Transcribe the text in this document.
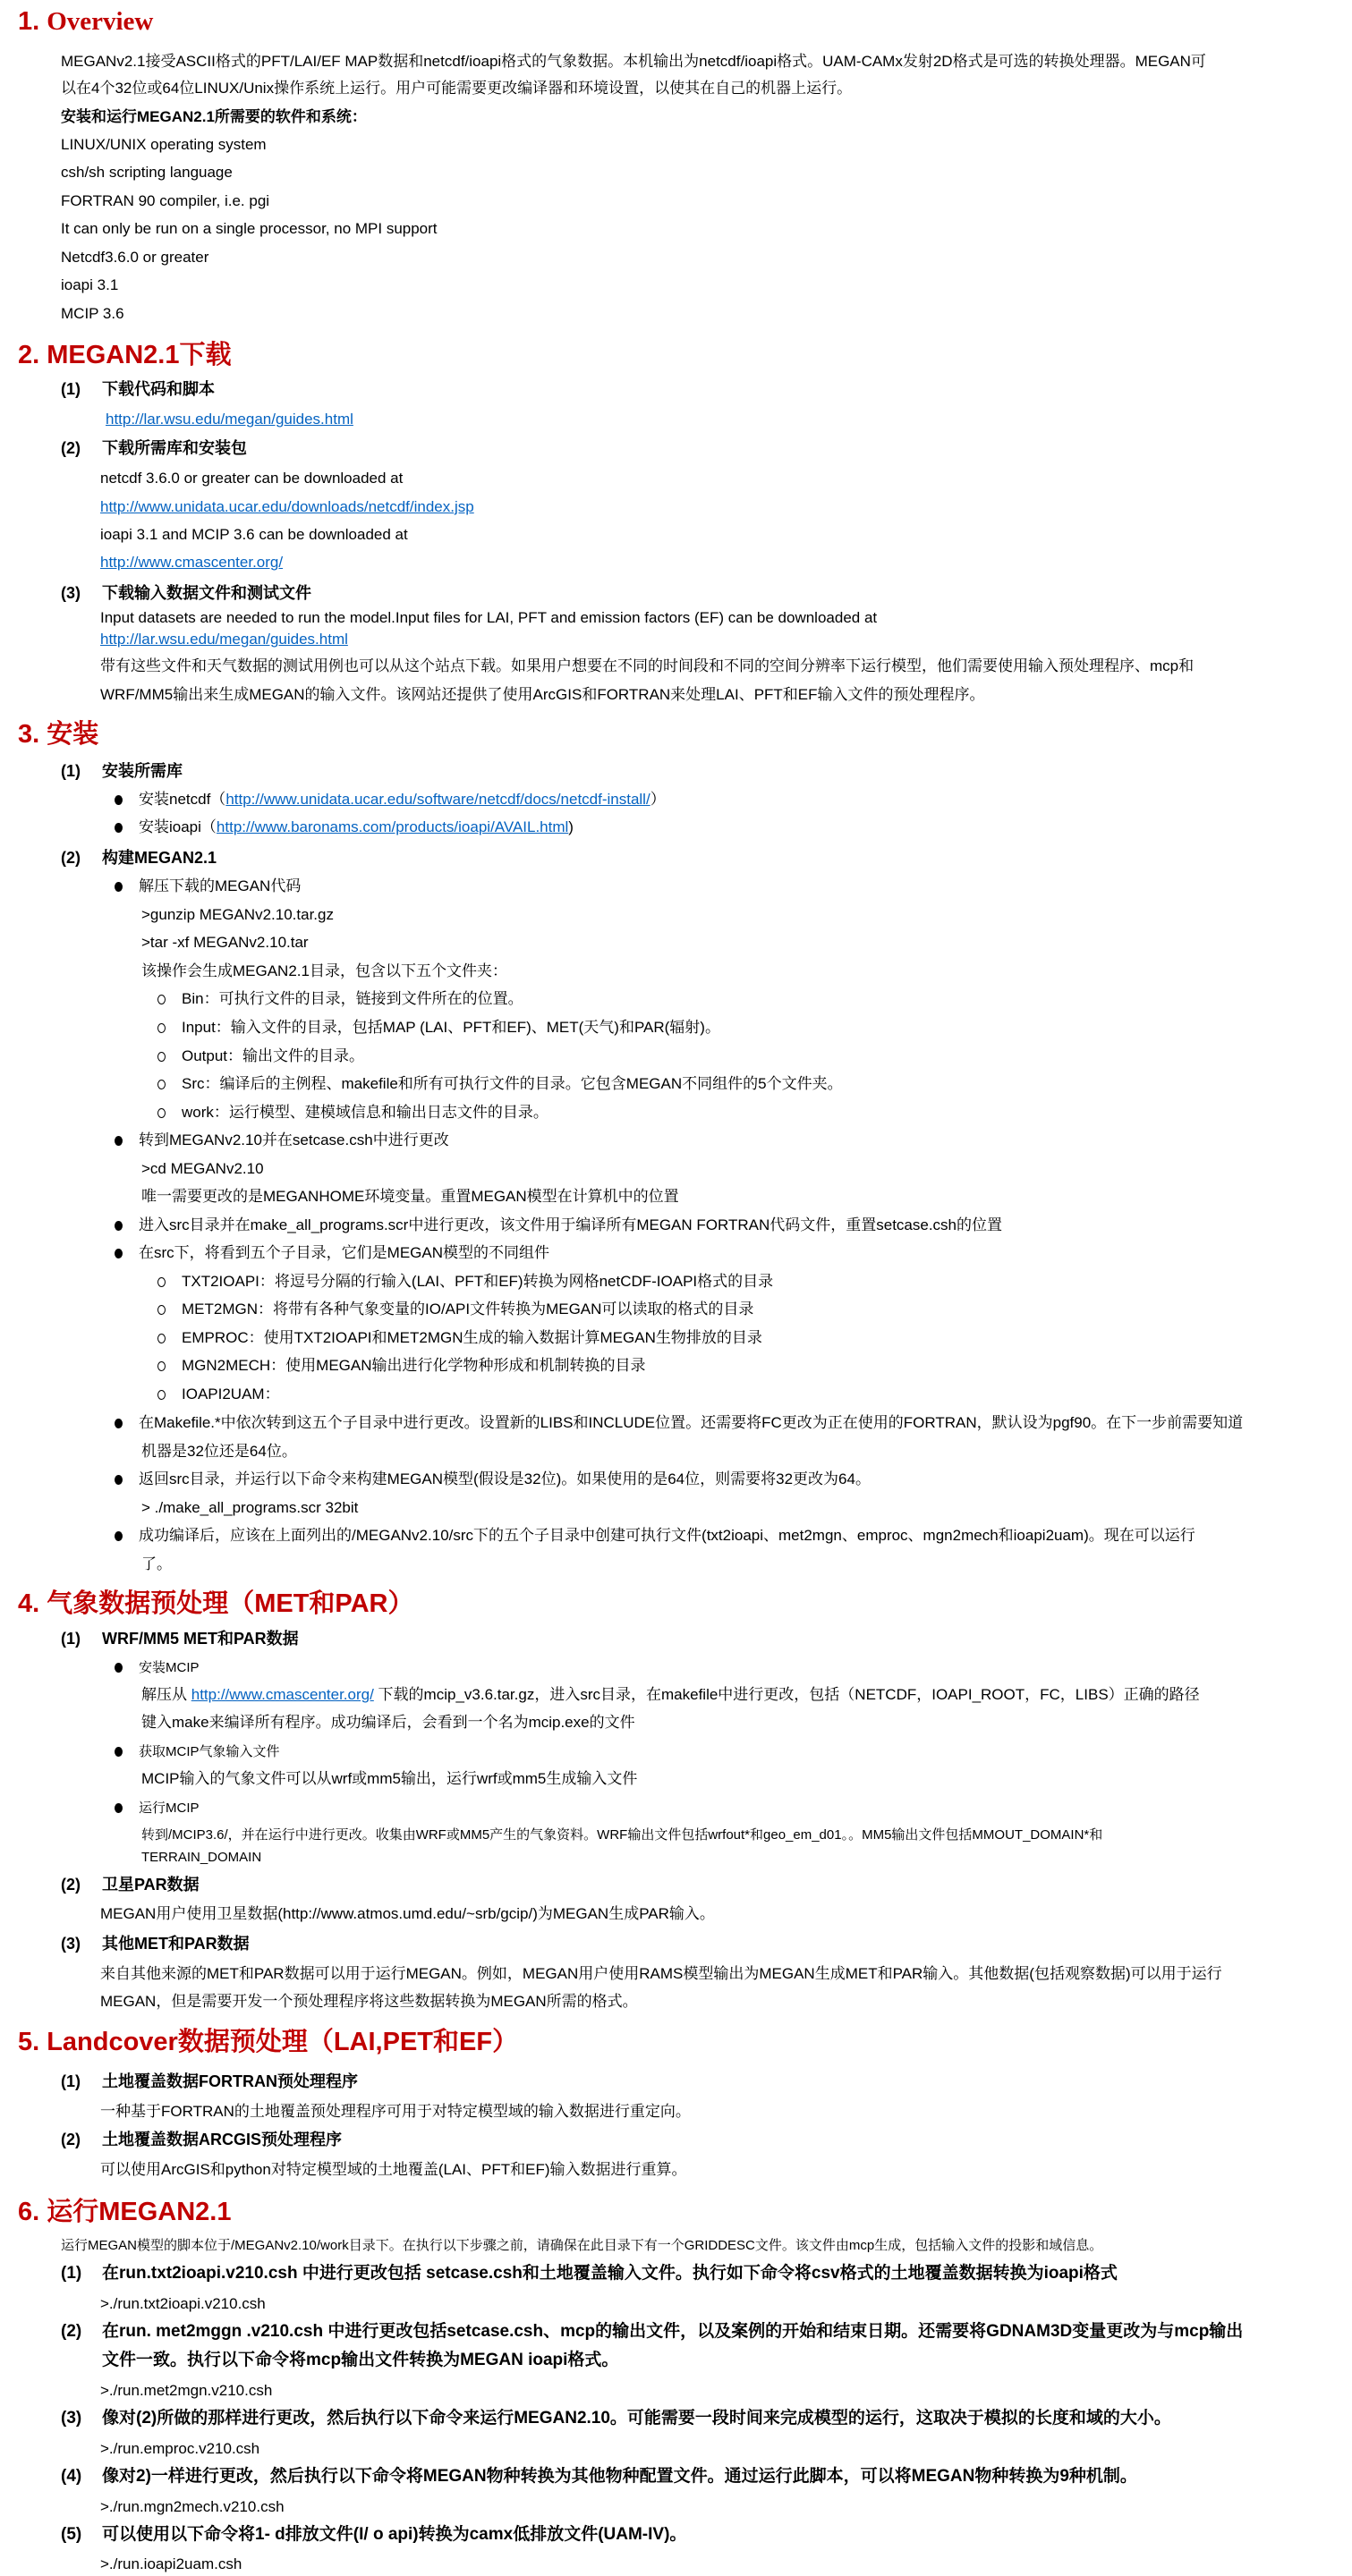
1. Overview
MEGANv2.1接受ASCII格式的PFT/LAI/EF MAP数据和netcdf/ioapi格式的气象数据。本机输出为netcdf/ioapi格式。UAM-CAMx发射2D格式是可选的转换处理器。MEGAN可
以在4个32位或64位LINUX/Unix操作系统上运行。用户可能需要更改编译器和环境设置，以使其在自己的机器上运行。
安装和运行MEGAN2.1所需要的软件和系统：
LINUX/UNIX operating system
csh/sh scripting language
FORTRAN 90 compiler, i.e. pgi
It can only be run on a single processor, no MPI support
Netcdf3.6.0 or greater
ioapi 3.1
MCIP 3.6
2. MEGAN2.1下载
(1) 下载代码和脚本
http://lar.wsu.edu/megan/guides.html
(2) 下载所需库和安装包
netcdf 3.6.0 or greater can be downloaded at
http://www.unidata.ucar.edu/downloads/netcdf/index.jsp
ioapi 3.1 and MCIP 3.6 can be downloaded at
http://www.cmascenter.org/
(3) 下载输入数据文件和测试文件
Input datasets are needed to run the model.Input files for LAI, PFT and emission factors (EF) can be downloaded at
http://lar.wsu.edu/megan/guides.html
带有这些文件和天气数据的测试用例也可以从这个站点下载。如果用户想要在不同的时间段和不同的空间分辨率下运行模型，他们需要使用输入预处理程序、mcp和
WRF/MM5输出来生成MEGAN的输入文件。该网站还提供了使用ArcGIS和FORTRAN来处理LAI、PFT和EF输入文件的预处理程序。
3. 安装
(1) 安装所需库
安装netcdf（http://www.unidata.ucar.edu/software/netcdf/docs/netcdf-install/）
安装ioapi（http://www.baronams.com/products/ioapi/AVAIL.html)
(2) 构建MEGAN2.1
解压下载的MEGAN代码
>gunzip MEGANv2.10.tar.gz
>tar -xf MEGANv2.10.tar
该操作会生成MEGAN2.1目录，包含以下五个文件夹：
Bin：可执行文件的目录，链接到文件所在的位置。
Input：输入文件的目录，包括MAP (LAI、PFT和EF)、MET(天气)和PAR(辐射)。
Output：输出文件的目录。
Src：编译后的主例程、makefile和所有可执行文件的目录。它包含MEGAN不同组件的5个文件夹。
work：运行模型、建模域信息和输出日志文件的目录。
转到MEGANv2.10并在setcase.csh中进行更改
>cd MEGANv2.10
唯一需要更改的是MEGANHOME环境变量。重置MEGAN模型在计算机中的位置
进入src目录并在make_all_programs.scr中进行更改，该文件用于编译所有MEGAN FORTRAN代码文件，重置setcase.csh的位置
在src下，将看到五个子目录，它们是MEGAN模型的不同组件
TXT2IOAPI：将逗号分隔的行输入(LAI、PFT和EF)转换为网格netCDF-IOAPI格式的目录
MET2MGN：将带有各种气象变量的IO/API文件转换为MEGAN可以读取的格式的目录
EMPROC：使用TXT2IOAPI和MET2MGN生成的输入数据计算MEGAN生物排放的目录
MGN2MECH：使用MEGAN输出进行化学物种形成和机制转换的目录
IOAPI2UAM：
在Makefile.*中依次转到这五个子目录中进行更改。设置新的LIBS和INCLUDE位置。还需要将FC更改为正在使用的FORTRAN，默认设为pgf90。在下一步前需要知道
机器是32位还是64位。
返回src目录，并运行以下命令来构建MEGAN模型(假设是32位)。如果使用的是64位，则需要将32更改为64。
> ./make_all_programs.scr 32bit
成功编译后，应该在上面列出的/MEGANv2.10/src下的五个子目录中创建可执行文件(txt2ioapi、met2mgn、emproc、mgn2mech和ioapi2uam)。现在可以运行
了。
4. 气象数据预处理（MET和PAR）
(1) WRF/MM5 MET和PAR数据
安装MCIP
解压从 http://www.cmascenter.org/ 下载的mcip_v3.6.tar.gz，进入src目录，在makefile中进行更改，包括（NETCDF，IOAPI_ROOT，FC，LIBS）正确的路径
键入make来编译所有程序。成功编译后，会看到一个名为mcip.exe的文件
获取MCIP气象输入文件
MCIP输入的气象文件可以从wrf或mm5输出，运行wrf或mm5生成输入文件
运行MCIP
转到/MCIP3.6/，并在运行中进行更改。收集由WRF或MM5产生的气象资料。WRF输出文件包括wrfout*和geo_em_d01。。MM5输出文件包括MMOUT_DOMAIN*和
TERRAIN_DOMAIN
(2) 卫星PAR数据
MEGAN用户使用卫星数据(http://www.atmos.umd.edu/~srb/gcip/)为MEGAN生成PAR输入。
(3) 其他MET和PAR数据
来自其他来源的MET和PAR数据可以用于运行MEGAN。例如，MEGAN用户使用RAMS模型输出为MEGAN生成MET和PAR输入。其他数据(包括观察数据)可以用于运行
MEGAN，但是需要开发一个预处理程序将这些数据转换为MEGAN所需的格式。
5. Landcover数据预处理（LAI,PET和EF）
(1) 土地覆盖数据FORTRAN预处理程序
一种基于FORTRAN的土地覆盖预处理程序可用于对特定模型域的输入数据进行重定向。
(2) 土地覆盖数据ARCGIS预处理程序
可以使用ArcGIS和python对特定模型域的土地覆盖(LAI、PFT和EF)输入数据进行重算。
6. 运行MEGAN2.1
运行MEGAN模型的脚本位于/MEGANv2.10/work目录下。在执行以下步骤之前，请确保在此目录下有一个GRIDDESC文件。该文件由mcp生成，包括输入文件的投影和域信息。
(1) 在run.txt2ioapi.v210.csh 中进行更改包括 setcase.csh和土地覆盖输入文件。执行如下命令将csv格式的土地覆盖数据转换为ioapi格式
>./run.txt2ioapi.v210.csh
(2) 在run. met2mggn .v210.csh 中进行更改包括setcase.csh、mcp的输出文件，以及案例的开始和结束日期。还需要将GDNAM3D变量更改为与mcp输出
文件一致。执行以下命令将mcp输出文件转换为MEGAN ioapi格式。
>./run.met2mgn.v210.csh
(3) 像对(2)所做的那样进行更改，然后执行以下命令来运行MEGAN2.10。可能需要一段时间来完成模型的运行，这取决于模拟的长度和域的大小。
>./run.emproc.v210.csh
(4) 像对2)一样进行更改，然后执行以下命令将MEGAN物种转换为其他物种配置文件。通过运行此脚本，可以将MEGAN物种转换为9种机制。
>./run.mgn2mech.v210.csh
(5) 可以使用以下命令将1- d排放文件(I/ o api)转换为camx低排放文件(UAM-IV)。
>./run.ioapi2uam.csh
